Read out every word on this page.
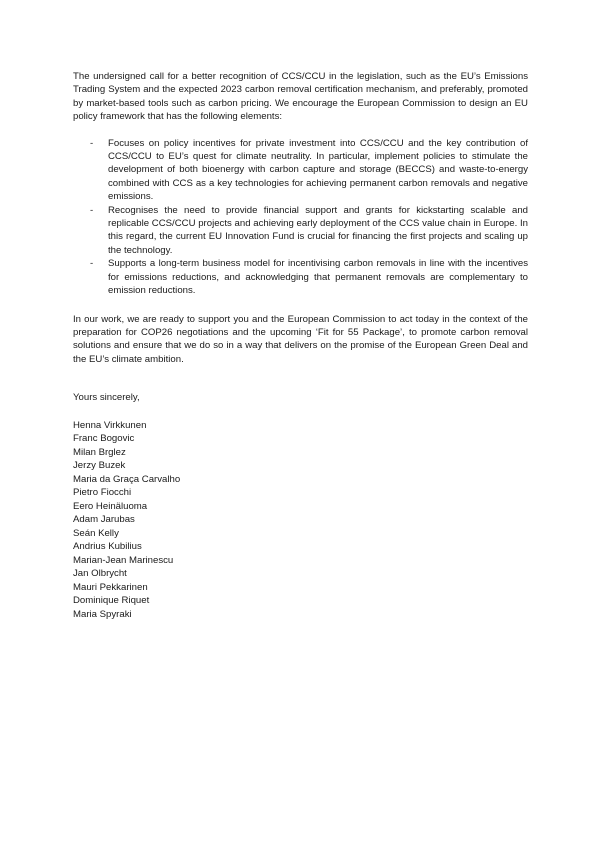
The undersigned call for a better recognition of CCS/CCU in the legislation, such as the EU’s Emissions Trading System and the expected 2023 carbon removal certification mechanism, and preferably, promoted by market-based tools such as carbon pricing. We encourage the European Commission to design an EU policy framework that has the following elements:

- Focuses on policy incentives for private investment into CCS/CCU and the key contribution of CCS/CCU to EU’s quest for climate neutrality. In particular, implement policies to stimulate the development of both bioenergy with carbon capture and storage (BECCS) and waste-to-energy combined with CCS as a key technologies for achieving permanent carbon removals and negative emissions.
- Recognises the need to provide financial support and grants for kickstarting scalable and replicable CCS/CCU projects and achieving early deployment of the CCS value chain in Europe. In this regard, the current EU Innovation Fund is crucial for financing the first projects and scaling up the technology.
- Supports a long-term business model for incentivising carbon removals in line with the incentives for emissions reductions, and acknowledging that permanent removals are complementary to emission reductions.

In our work, we are ready to support you and the European Commission to act today in the context of the preparation for COP26 negotiations and the upcoming ‘Fit for 55 Package’, to promote carbon removal solutions and ensure that we do so in a way that delivers on the promise of the European Green Deal and the EU’s climate ambition.

Yours sincerely,

Henna Virkkunen
Franc Bogovic
Milan Brglez
Jerzy Buzek
Maria da Graça Carvalho
Pietro Fiocchi
Eero Heinäluoma
Adam Jarubas
Seán Kelly
Andrius Kubilius
Marian-Jean Marinescu
Jan Olbrycht
Mauri Pekkarinen
Dominique Riquet
Maria Spyraki
